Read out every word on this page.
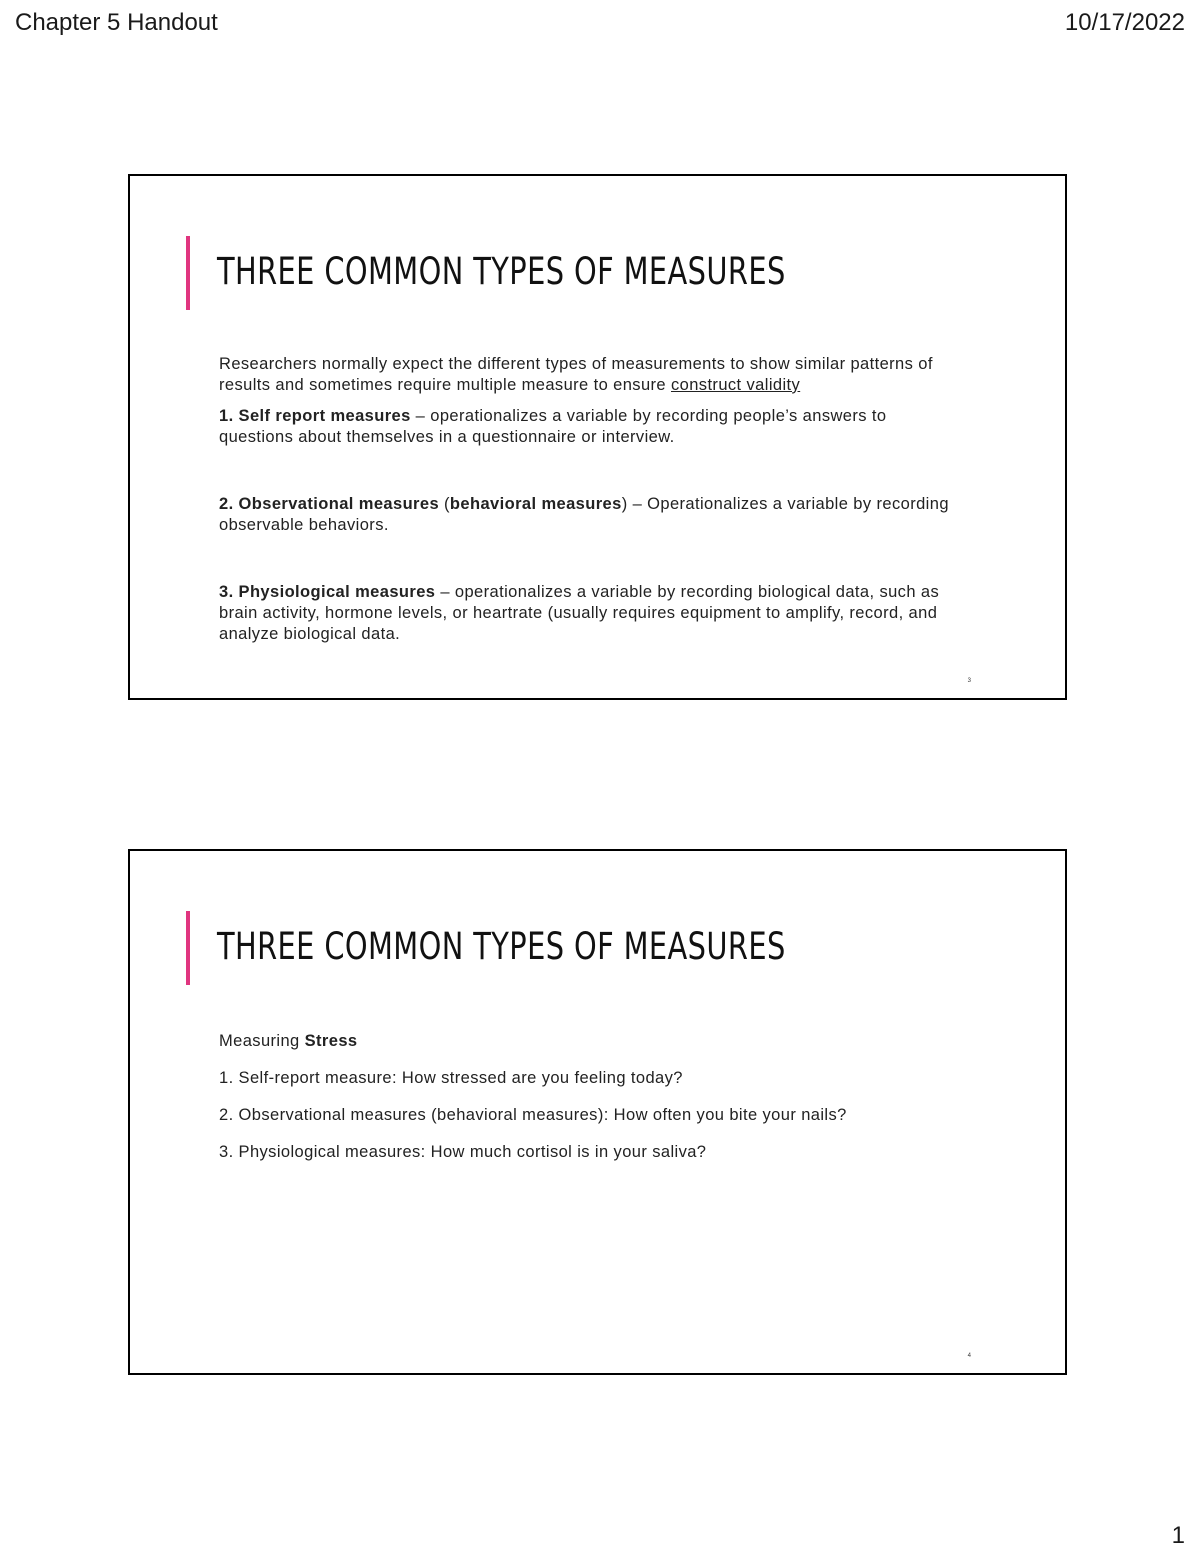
Chapter 5 Handout	10/17/2022
THREE COMMON TYPES OF MEASURES

Researchers normally expect the different types of measurements to show similar patterns of results and sometimes require multiple measure to ensure construct validity

1. Self report measures – operationalizes a variable by recording people’s answers to questions about themselves in a questionnaire or interview.

2. Observational measures (behavioral measures) – Operationalizes a variable by recording observable behaviors.

3. Physiological measures – operationalizes a variable by recording biological data, such as brain activity, hormone levels, or heartrate (usually requires equipment to amplify, record, and analyze biological data.

3
THREE COMMON TYPES OF MEASURES

Measuring Stress

1. Self-report measure: How stressed are you feeling today?

2. Observational measures (behavioral measures): How often you bite your nails?

3. Physiological measures: How much cortisol is in your saliva?

4
1
